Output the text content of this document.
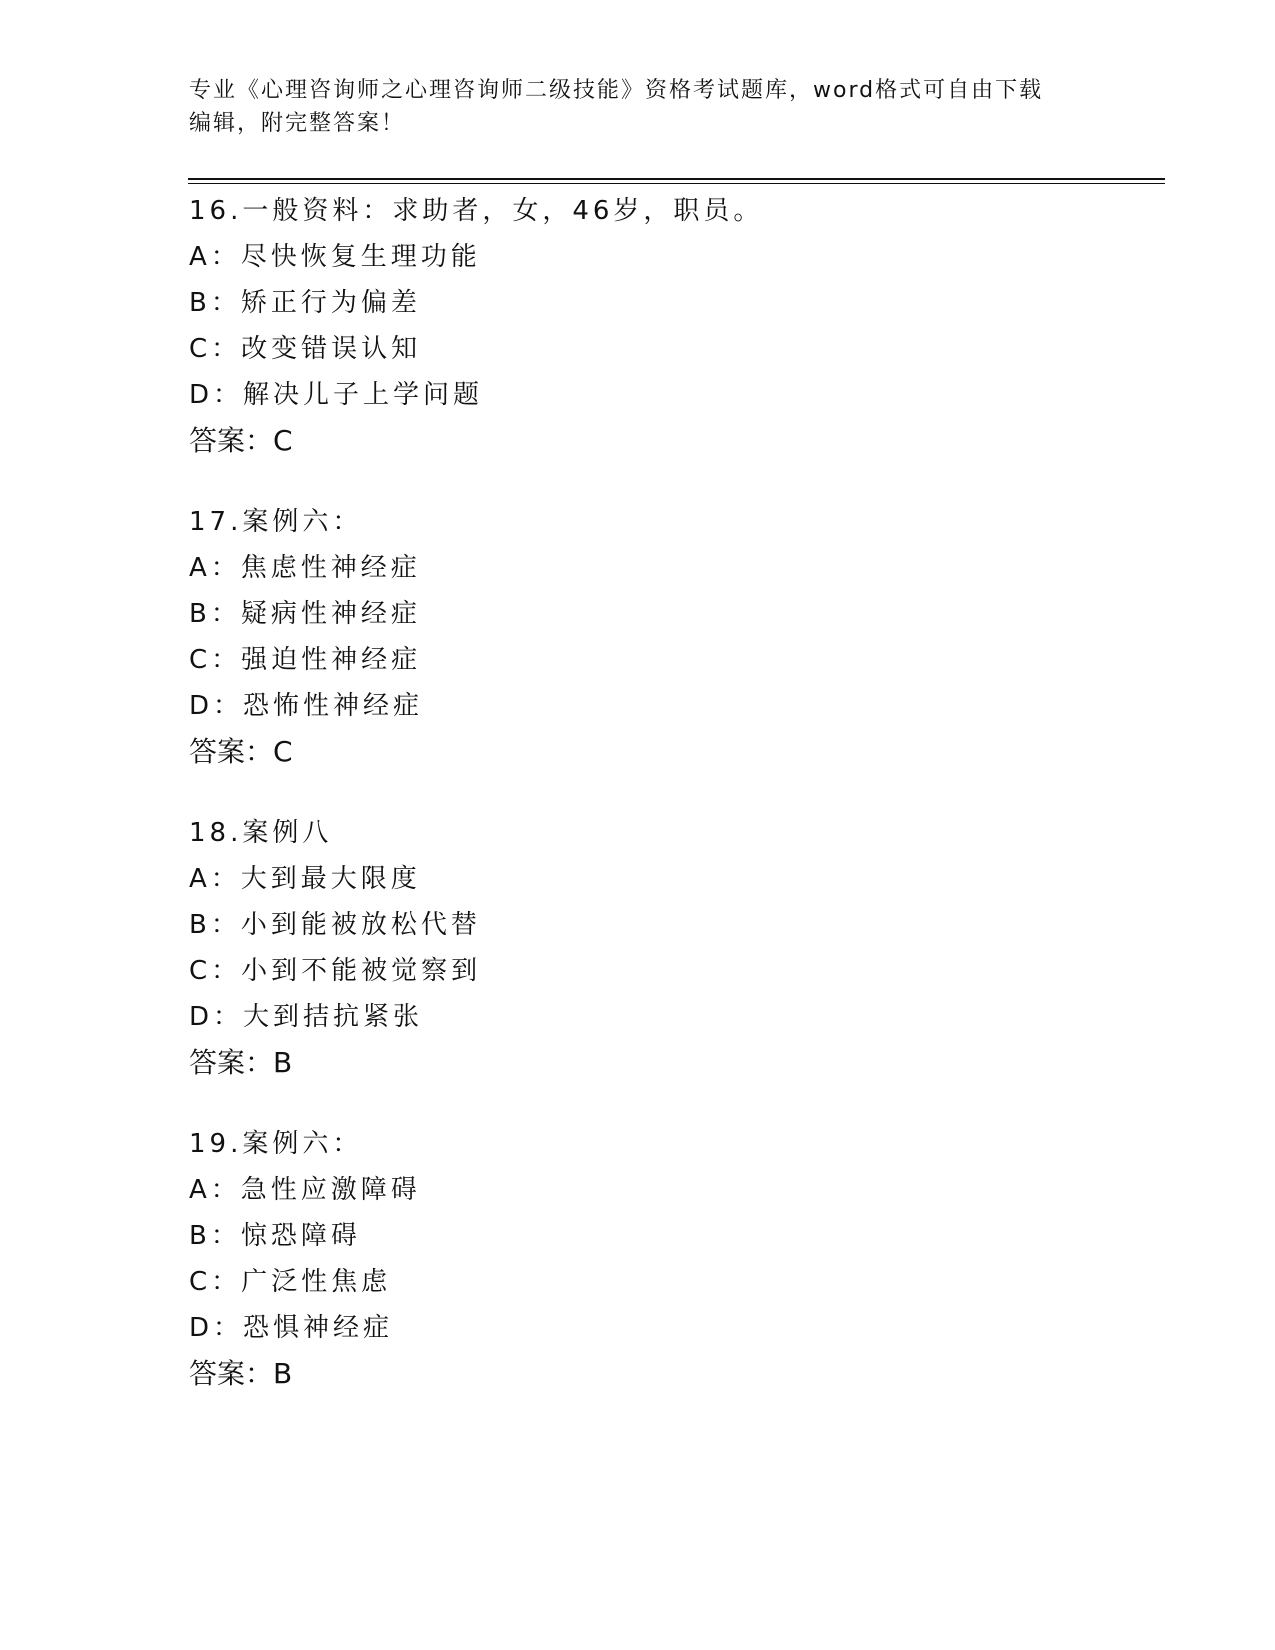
专业《心理咨询师之心理咨询师二级技能》资格考试题库，word格式可自由下载
编辑，附完整答案！
16.一般资料：求助者，女，46岁，职员。
A：尽快恢复生理功能
B：矫正行为偏差
C：改变错误认知
D：解决儿子上学问题
答案：C
17.案例六：
A：焦虑性神经症
B：疑病性神经症
C：强迫性神经症
D：恐怖性神经症
答案：C
18.案例八
A：大到最大限度
B：小到能被放松代替
C：小到不能被觉察到
D：大到拮抗紧张
答案：B
19.案例六：
A：急性应激障碍
B：惊恐障碍
C：广泛性焦虑
D：恐惧神经症
答案：B
